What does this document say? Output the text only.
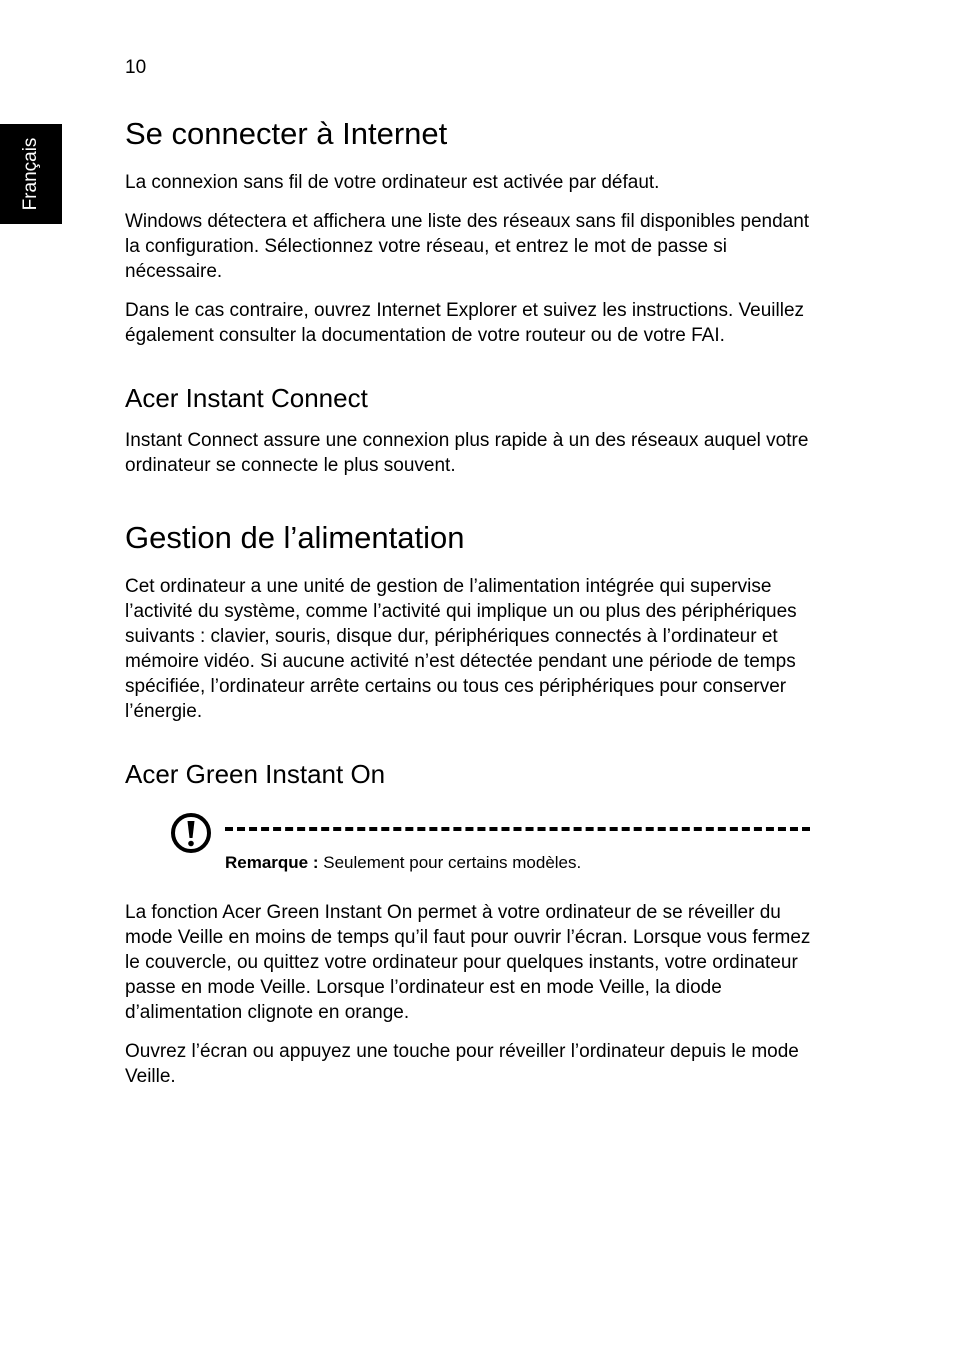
10
Français
Se connecter à Internet

La connexion sans fil de votre ordinateur est activée par défaut.

Windows détectera et affichera une liste des réseaux sans fil disponibles pendant la configuration. Sélectionnez votre réseau, et entrez le mot de passe si nécessaire.

Dans le cas contraire, ouvrez Internet Explorer et suivez les instructions. Veuillez également consulter la documentation de votre routeur ou de votre FAI.

Acer Instant Connect

Instant Connect assure une connexion plus rapide à un des réseaux auquel votre ordinateur se connecte le plus souvent.

Gestion de l’alimentation

Cet ordinateur a une unité de gestion de l’alimentation intégrée qui supervise l’activité du système, comme l’activité qui implique un ou plus des périphériques suivants : clavier, souris, disque dur, périphériques connectés à l’ordinateur et mémoire vidéo. Si aucune activité n’est détectée pendant une période de temps spécifiée, l’ordinateur arrête certains ou tous ces périphériques pour conserver l’énergie.

Acer Green Instant On
Remarque : Seulement pour certains modèles.

La fonction Acer Green Instant On permet à votre ordinateur de se réveiller du mode Veille en moins de temps qu’il faut pour ouvrir l’écran. Lorsque vous fermez le couvercle, ou quittez votre ordinateur pour quelques instants, votre ordinateur passe en mode Veille. Lorsque l’ordinateur est en mode Veille, la diode d’alimentation clignote en orange.

Ouvrez l’écran ou appuyez une touche pour réveiller l’ordinateur depuis le mode Veille.
